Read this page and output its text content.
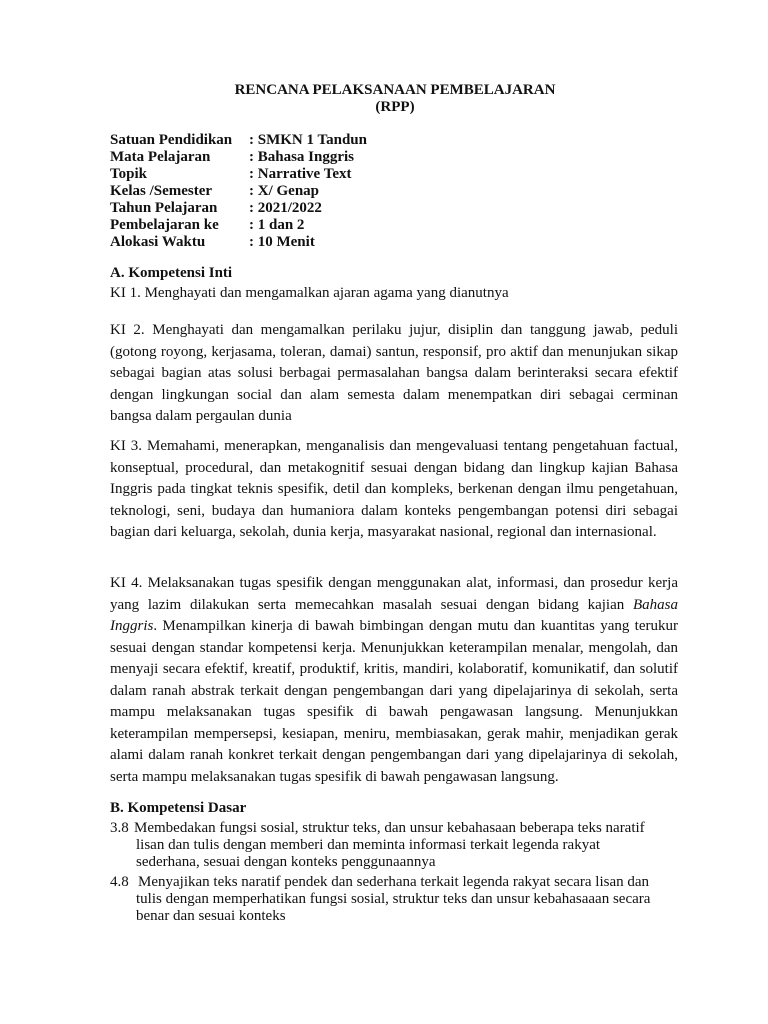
RENCANA PELAKSANAAN PEMBELAJARAN
(RPP)
Satuan Pendidikan	: SMKN 1 Tandun
Mata Pelajaran	: Bahasa Inggris
Topik	: Narrative Text
Kelas /Semester	: X/ Genap
Tahun Pelajaran	: 2021/2022
Pembelajaran ke	: 1 dan 2
Alokasi Waktu	: 10 Menit
A. Kompetensi Inti
KI 1. Menghayati dan mengamalkan ajaran agama yang dianutnya
KI 2. Menghayati dan mengamalkan perilaku jujur, disiplin dan tanggung jawab, peduli (gotong royong, kerjasama, toleran, damai) santun, responsif, pro aktif dan menunjukan sikap sebagai bagian atas solusi berbagai permasalahan bangsa dalam berinteraksi secara efektif dengan lingkungan social dan alam semesta dalam menempatkan diri sebagai cerminan bangsa dalam pergaulan dunia
KI 3. Memahami, menerapkan, menganalisis dan mengevaluasi tentang pengetahuan factual, konseptual, procedural, dan metakognitif sesuai dengan bidang dan lingkup kajian Bahasa Inggris pada tingkat teknis spesifik, detil dan kompleks, berkenan dengan ilmu pengetahuan, teknologi, seni, budaya dan humaniora dalam konteks pengembangan potensi diri sebagai bagian dari keluarga, sekolah, dunia kerja, masyarakat nasional, regional dan internasional.
KI 4. Melaksanakan tugas spesifik dengan menggunakan alat, informasi, dan prosedur kerja yang lazim dilakukan serta memecahkan masalah sesuai dengan bidang kajian Bahasa Inggris. Menampilkan kinerja di bawah bimbingan dengan mutu dan kuantitas yang terukur sesuai dengan standar kompetensi kerja. Menunjukkan keterampilan menalar, mengolah, dan menyaji secara efektif, kreatif, produktif, kritis, mandiri, kolaboratif, komunikatif, dan solutif dalam ranah abstrak terkait dengan pengembangan dari yang dipelajarinya di sekolah, serta mampu melaksanakan tugas spesifik di bawah pengawasan langsung. Menunjukkan keterampilan mempersepsi, kesiapan, meniru, membiasakan, gerak mahir, menjadikan gerak alami dalam ranah konkret terkait dengan pengembangan dari yang dipelajarinya di sekolah, serta mampu melaksanakan tugas spesifik di bawah pengawasan langsung.
B. Kompetensi Dasar
3.8 Membedakan fungsi sosial, struktur teks, dan unsur kebahasaan beberapa teks naratif
lisan dan tulis dengan memberi dan meminta informasi terkait legenda rakyat
sederhana, sesuai dengan konteks penggunaannya
4.8 Menyajikan teks naratif pendek dan sederhana terkait legenda rakyat secara lisan dan
tulis dengan memperhatikan fungsi sosial, struktur teks dan unsur kebahasaaan secara
benar dan sesuai konteks
